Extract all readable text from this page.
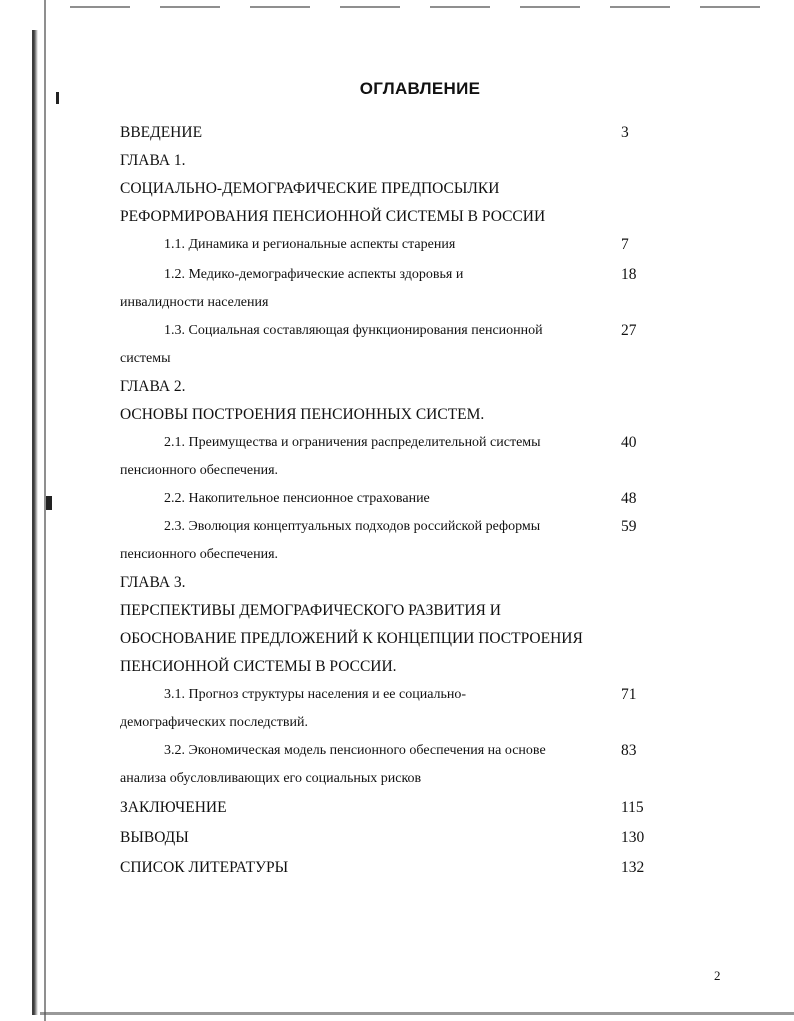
ОГЛАВЛЕНИЕ
ВВЕДЕНИЕ	3
ГЛАВА 1.
СОЦИАЛЬНО-ДЕМОГРАФИЧЕСКИЕ ПРЕДПОСЫЛКИ
РЕФОРМИРОВАНИЯ ПЕНСИОННОЙ СИСТЕМЫ В РОССИИ
1.1. Динамика и региональные аспекты старения	7
1.2. Медико-демографические аспекты здоровья и	18
инвалидности населения
1.3. Социальная составляющая функционирования пенсионной	27
системы
ГЛАВА 2.
ОСНОВЫ ПОСТРОЕНИЯ ПЕНСИОННЫХ СИСТЕМ.
2.1. Преимущества и ограничения распределительной системы	40
пенсионного обеспечения.
2.2. Накопительное пенсионное страхование	48
2.3. Эволюция концептуальных подходов российской реформы	59
пенсионного обеспечения.
ГЛАВА 3.
ПЕРСПЕКТИВЫ ДЕМОГРАФИЧЕСКОГО РАЗВИТИЯ И
ОБОСНОВАНИЕ ПРЕДЛОЖЕНИЙ К КОНЦЕПЦИИ ПОСТРОЕНИЯ
ПЕНСИОННОЙ СИСТЕМЫ В РОССИИ.
3.1. Прогноз структуры населения и ее социально-	71
демографических последствий.
3.2. Экономическая модель пенсионного обеспечения на основе	83
анализа обусловливающих его социальных рисков
ЗАКЛЮЧЕНИЕ	115
ВЫВОДЫ	130
СПИСОК ЛИТЕРАТУРЫ	132
2
